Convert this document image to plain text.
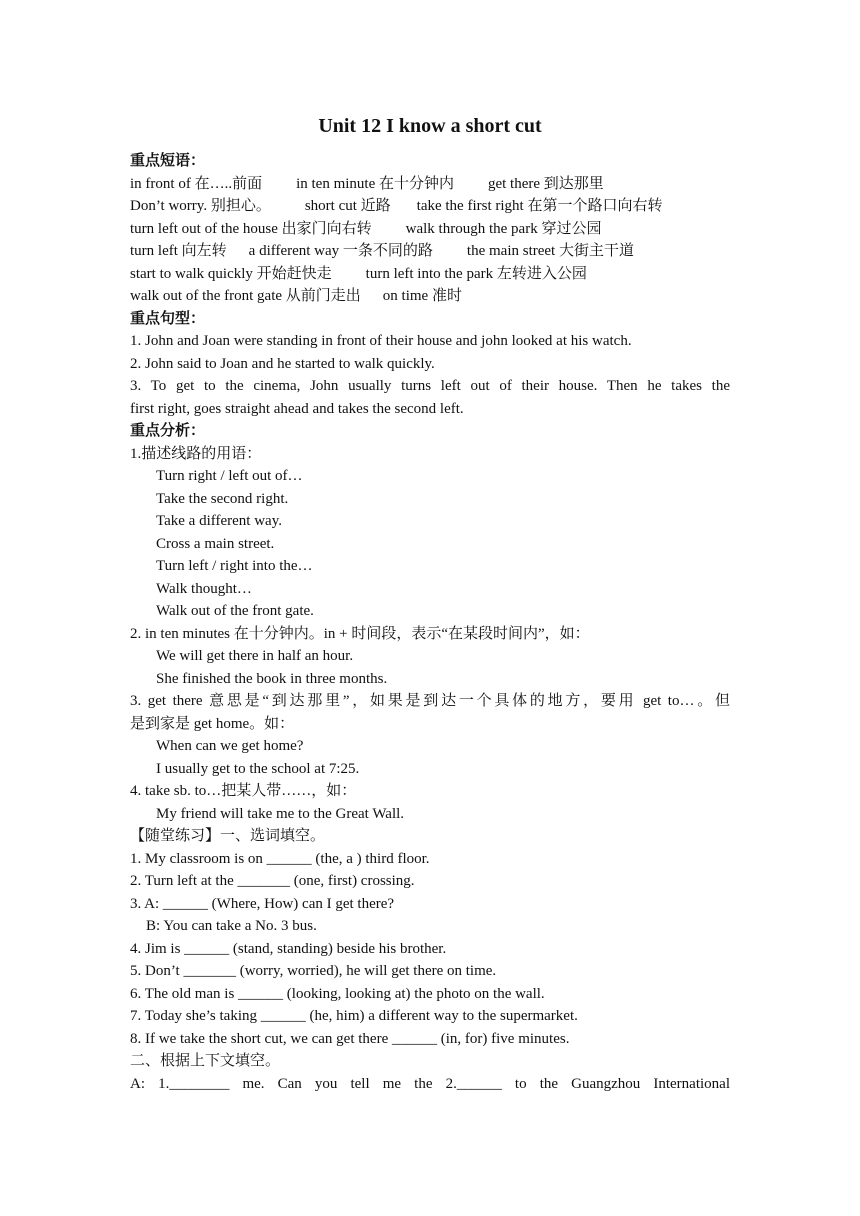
Unit 12 I know a short cut
重点短语：
in front of 在…..前面 in ten minute 在十分钟内 get there 到达那里
Don’t worry. 别担心。 short cut 近路 take the first right 在第一个路口向右转
turn left out of the house 出家门向右转 walk through the park 穿过公园
turn left 向左转 a different way 一条不同的路 the main street 大街主干道
start to walk quickly 开始赶快走 turn left into the park 左转进入公园
walk out of the front gate 从前门走出 on time 准时
重点句型：
1. John and Joan were standing in front of their house and john looked at his watch.
2. John said to Joan and he started to walk quickly.
3. To get to the cinema, John usually turns left out of their house. Then he takes the
first right, goes straight ahead and takes the second left.
重点分析：
1.描述线路的用语：
Turn right / left out of…
Take the second right.
Take a different way.
Cross a main street.
Turn left / right into the…
Walk thought…
Walk out of the front gate.
2. in ten minutes 在十分钟内。in + 时间段，表示“在某段时间内”，如：
We will get there in half an hour.
She finished the book in three months.
3. get there 意思是“到达那里”，如果是到达一个具体的地方，要用 get to…。但
是到家是 get home。如：
When can we get home?
I usually get to the school at 7:25.
4. take sb. to…把某人带……，如：
My friend will take me to the Great Wall.
【随堂练习】一、选词填空。
1. My classroom is on ______ (the, a ) third floor.
2. Turn left at the _______ (one, first) crossing.
3. A: ______ (Where, How) can I get there?
B: You can take a No. 3 bus.
4. Jim is ______ (stand, standing) beside his brother.
5. Don’t _______ (worry, worried), he will get there on time.
6. The old man is ______ (looking, looking at) the photo on the wall.
7. Today she’s taking ______ (he, him) a different way to the supermarket.
8. If we take the short cut, we can get there ______ (in, for) five minutes.
二、根据上下文填空。
A: 1.________ me. Can you tell me the 2.______ to the Guangzhou International
